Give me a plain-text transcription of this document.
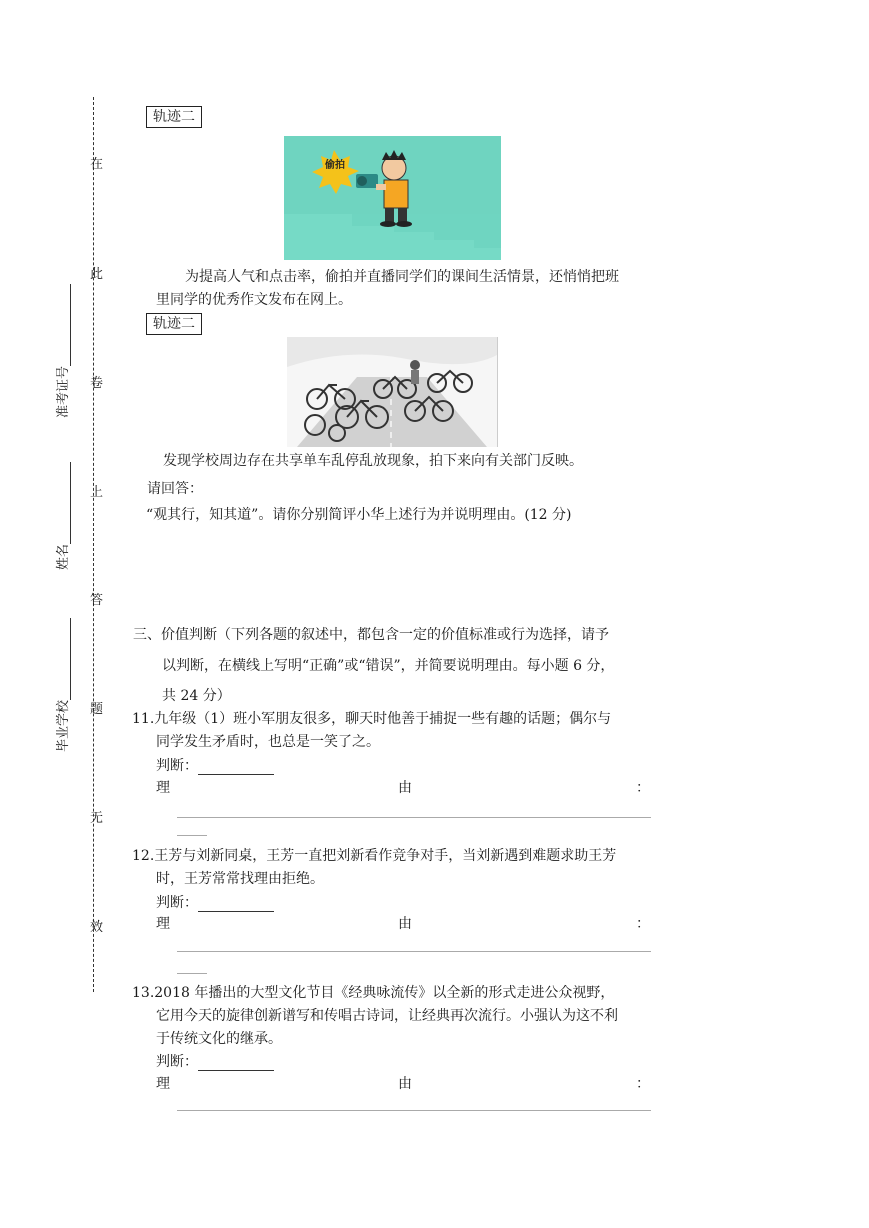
在
此
卷
上
答
题
无
效
准考证号
姓名
毕业学校
轨迹二
偷拍
为提高人气和点击率，偷拍并直播同学们的课间生活情景，还悄悄把班
里同学的优秀作文发布在网上。
轨迹二
发现学校周边存在共享单车乱停乱放现象，拍下来向有关部门反映。
请回答：
“观其行，知其道”。请你分别简评小华上述行为并说明理由。(12 分)
三、价值判断（下列各题的叙述中，都包含一定的价值标准或行为选择，请予
以判断，在横线上写明“正确”或“错误”，并简要说明理由。每小题 6 分，
共 24 分）
11.九年级（1）班小军朋友很多，聊天时他善于捕捉一些有趣的话题；偶尔与
同学发生矛盾时，也总是一笑了之。
判断：
理	由	：
12.王芳与刘新同桌，王芳一直把刘新看作竞争对手，当刘新遇到难题求助王芳
时，王芳常常找理由拒绝。
判断：
理	由	：
13.2018 年播出的大型文化节目《经典咏流传》以全新的形式走进公众视野，
它用今天的旋律创新谱写和传唱古诗词，让经典再次流行。小强认为这不利
于传统文化的继承。
判断：
理	由	：
